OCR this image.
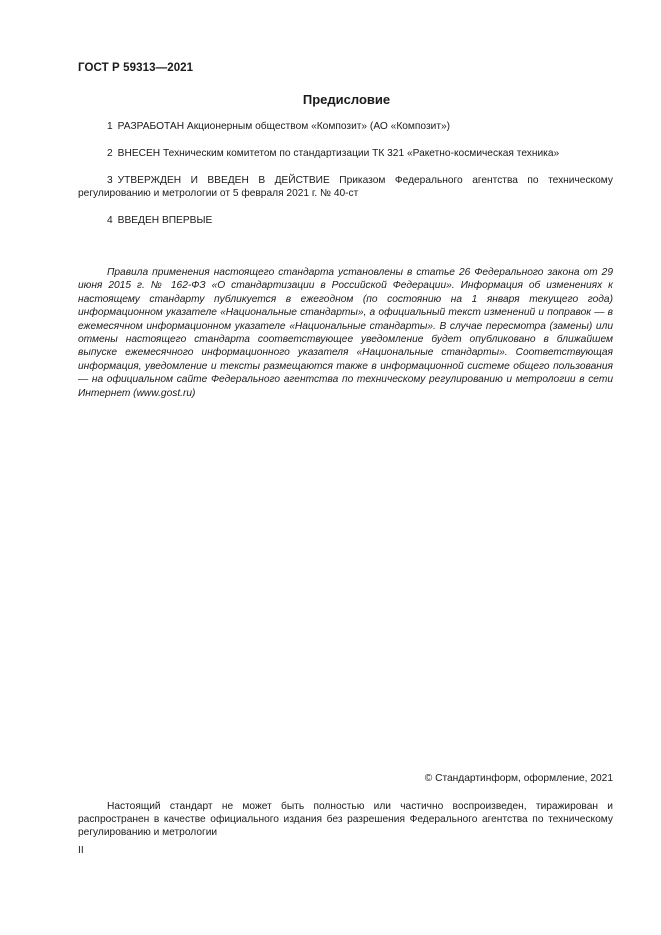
ГОСТ Р 59313—2021
Предисловие
1 РАЗРАБОТАН Акционерным обществом «Композит» (АО «Композит»)
2 ВНЕСЕН Техническим комитетом по стандартизации ТК 321 «Ракетно-космическая техника»
3 УТВЕРЖДЕН И ВВЕДЕН В ДЕЙСТВИЕ Приказом Федерального агентства по техническому регулированию и метрологии от 5 февраля 2021 г. № 40-ст
4 ВВЕДЕН ВПЕРВЫЕ
Правила применения настоящего стандарта установлены в статье 26 Федерального закона от 29 июня 2015 г. № 162-ФЗ «О стандартизации в Российской Федерации». Информация об изменениях к настоящему стандарту публикуется в ежегодном (по состоянию на 1 января текущего года) информационном указателе «Национальные стандарты», а официальный текст изменений и поправок — в ежемесячном информационном указателе «Национальные стандарты». В случае пересмотра (замены) или отмены настоящего стандарта соответствующее уведомление будет опубликовано в ближайшем выпуске ежемесячного информационного указателя «Национальные стандарты». Соответствующая информация, уведомление и тексты размещаются также в информационной системе общего пользования — на официальном сайте Федерального агентства по техническому регулированию и метрологии в сети Интернет (www.gost.ru)
© Стандартинформ, оформление, 2021
Настоящий стандарт не может быть полностью или частично воспроизведен, тиражирован и распространен в качестве официального издания без разрешения Федерального агентства по техническому регулированию и метрологии
II
